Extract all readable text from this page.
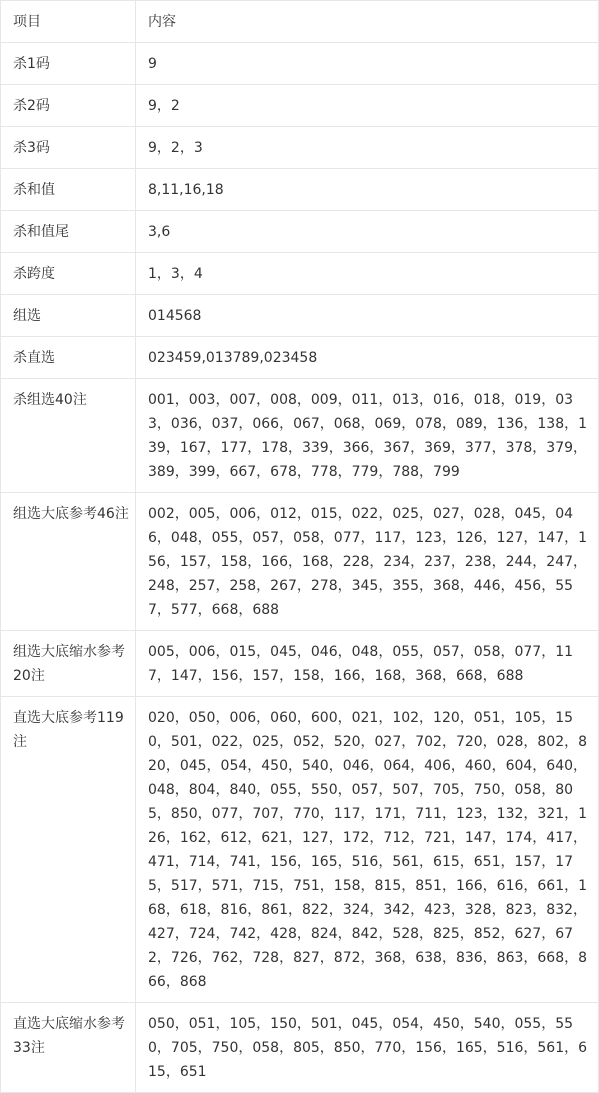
项目	内容
杀1码	9
杀2码	9，2
杀3码	9，2，3
杀和值	8,11,16,18
杀和值尾	3,6
杀跨度	1，3，4
组选	014568
杀直选	023459,013789,023458
杀组选40注	001，003，007，008，009，011，013，016，018，019，033，036，037，066，067，068，069，078，089，136，138，139，167，177，178，339，366，367，369，377，378，379，389，399，667，678，778，779，788，799
组选大底参考46注	002，005，006，012，015，022，025，027，028，045，046，048，055，057，058，077，117，123，126，127，147，156，157，158，166，168，228，234，237，238，244，247，248，257，258，267，278，345，355，368，446，456，557，577，668，688
组选大底缩水参考20注	005，006，015，045，046，048，055，057，058，077，117，147，156，157，158，166，168，368，668，688
直选大底参考119注	020，050，006，060，600，021，102，120，051，105，150，501，022，025，052，520，027，702，720，028，802，820，045，054，450，540，046，064，406，460，604，640，048，804，840，055，550，057，507，705，750，058，805，850，077，707，770，117，171，711，123，132，321，126，162，612，621，127，172，712，721，147，174，417，471，714，741，156，165，516，561，615，651，157，175，517，571，715，751，158，815，851，166，616，661，168，618，816，861，822，324，342，423，328，823，832，427，724，742，428，824，842，528，825，852，627，672，726，762，728，827，872，368，638，836，863，668，866，868
直选大底缩水参考33注	050，051，105，150，501，045，054，450，540，055，550，705，750，058，805，850，770，156，165，516，561，615，651
